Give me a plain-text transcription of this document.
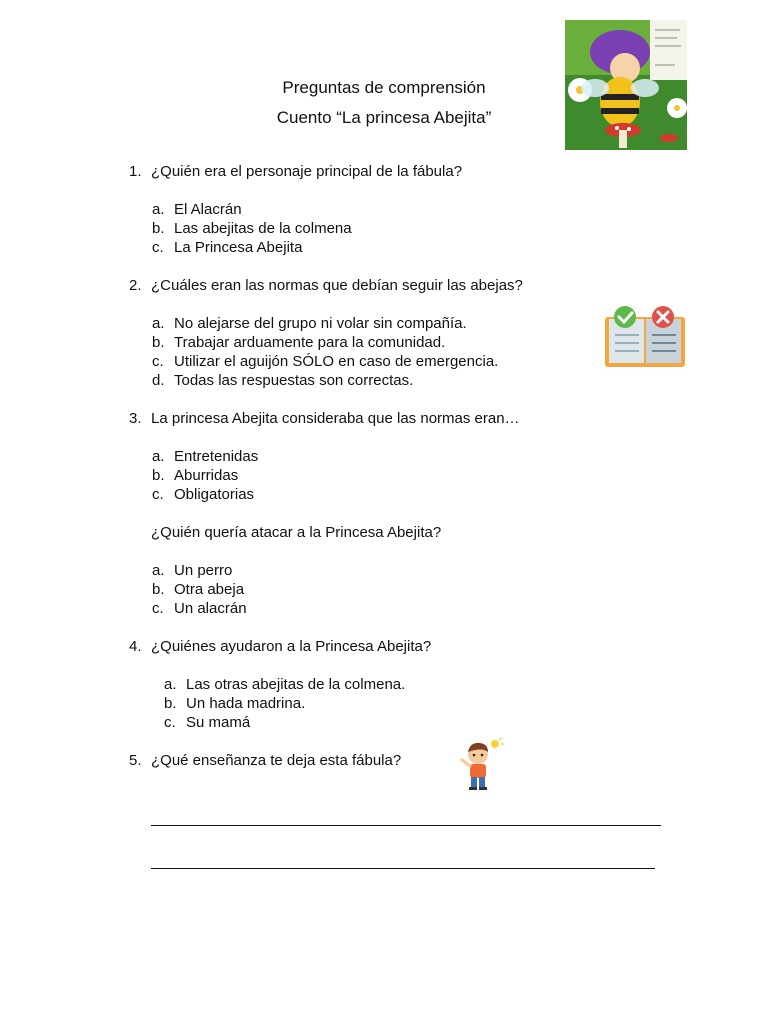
Preguntas de comprensión
Cuento “La princesa Abejita”
1. ¿Quién era el personaje principal de la fábula?
a. El Alacrán
b. Las abejitas de la colmena
c. La Princesa Abejita
2. ¿Cuáles eran las normas que debían seguir las abejas?
a. No alejarse del grupo ni volar sin compañía.
b. Trabajar arduamente para la comunidad.
c. Utilizar el aguijón SÓLO en caso de emergencia.
d. Todas las respuestas son correctas.
3. La princesa Abejita consideraba que las normas eran…
a. Entretenidas
b. Aburridas
c. Obligatorias
¿Quién quería atacar a la Princesa Abejita?
a. Un perro
b. Otra abeja
c. Un alacrán
4. ¿Quiénes ayudaron a la Princesa Abejita?
a. Las otras abejitas de la colmena.
b. Un hada madrina.
c. Su mamá
5. ¿Qué enseñanza te deja esta fábula?
